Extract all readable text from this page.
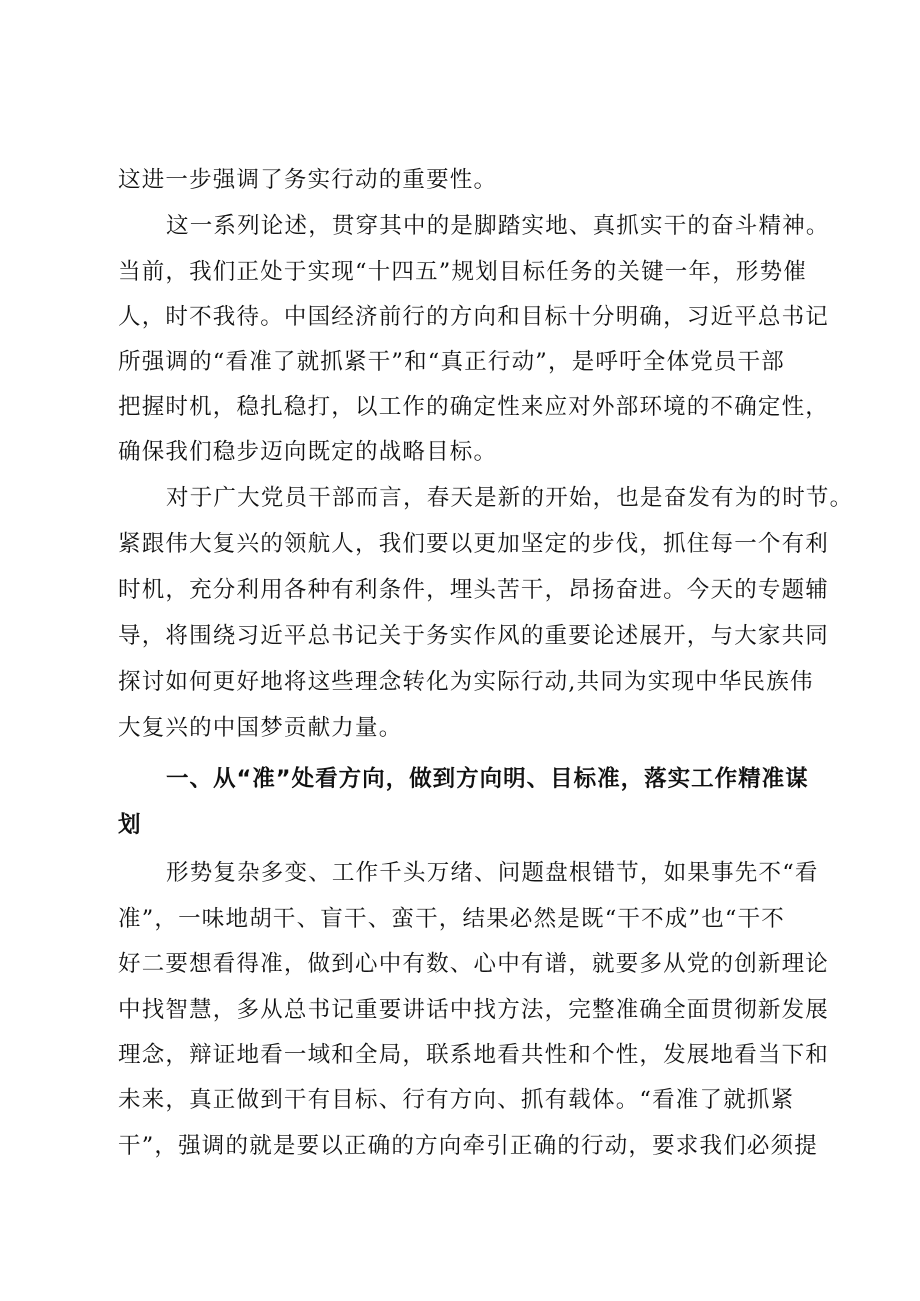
这进一步强调了务实行动的重要性。
这一系列论述，贯穿其中的是脚踏实地、真抓实干的奋斗精神。
当前，我们正处于实现“十四五”规划目标任务的关键一年，形势催
人，时不我待。中国经济前行的方向和目标十分明确，习近平总书记
所强调的“看准了就抓紧干”和“真正行动”，是呼吁全体党员干部
把握时机，稳扎稳打，以工作的确定性来应对外部环境的不确定性，
确保我们稳步迈向既定的战略目标。
对于广大党员干部而言，春天是新的开始，也是奋发有为的时节。
紧跟伟大复兴的领航人，我们要以更加坚定的步伐，抓住每一个有利
时机，充分利用各种有利条件，埋头苦干，昂扬奋进。今天的专题辅
导，将围绕习近平总书记关于务实作风的重要论述展开，与大家共同
探讨如何更好地将这些理念转化为实际行动,共同为实现中华民族伟
大复兴的中国梦贡献力量。
一、从“准”处看方向，做到方向明、目标准，落实工作精准谋
划
形势复杂多变、工作千头万绪、问题盘根错节，如果事先不“看
准”，一味地胡干、盲干、蛮干，结果必然是既“干不成”也“干不
好二要想看得准，做到心中有数、心中有谱，就要多从党的创新理论
中找智慧，多从总书记重要讲话中找方法，完整准确全面贯彻新发展
理念，辩证地看一域和全局，联系地看共性和个性，发展地看当下和
未来，真正做到干有目标、行有方向、抓有载体。“看准了就抓紧
干”，强调的就是要以正确的方向牵引正确的行动，要求我们必须提
